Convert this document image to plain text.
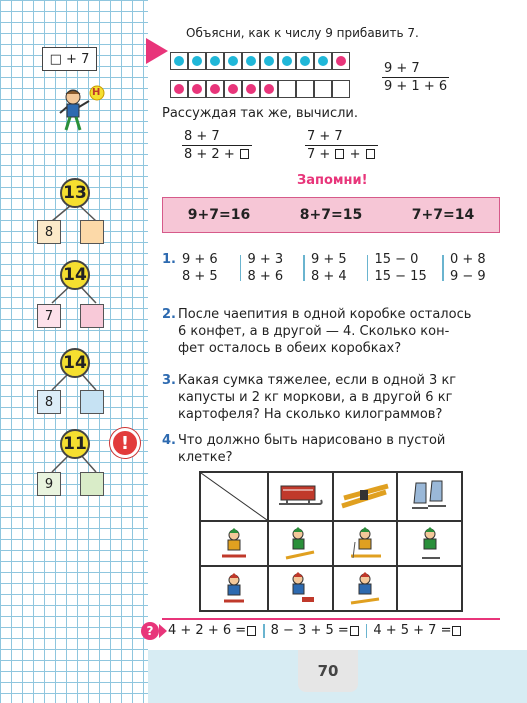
□ + 7
Н
13
8
14
7
14
8
11
9
!
Объясни, как к числу 9 прибавить 7.
9 + 7
9 + 1 + 6
Рассуждая так же, вычисли.
8 + 7
8 + 2 +
7 + 7
7 +  +
Запомни!
9+7=16	8+7=15	7+7=14
1. 9 + 6
8 + 5
9 + 3
8 + 6
9 + 5
8 + 4
15 − 0
15 − 15
0 + 8
9 − 9
2. После чаепития в одной коробке осталось
6 конфет, а в другой — 4. Сколько кон-
фет осталось в обеих коробках?
3. Какая сумка тяжелее, если в одной 3 кг
капусты и 2 кг моркови, а в другой 6 кг
картофеля? На сколько килограммов?
4. Что должно быть нарисовано в пустой
клетке?
? 4 + 2 + 6 = 8 − 3 + 5 = 4 + 5 + 7 =
70
